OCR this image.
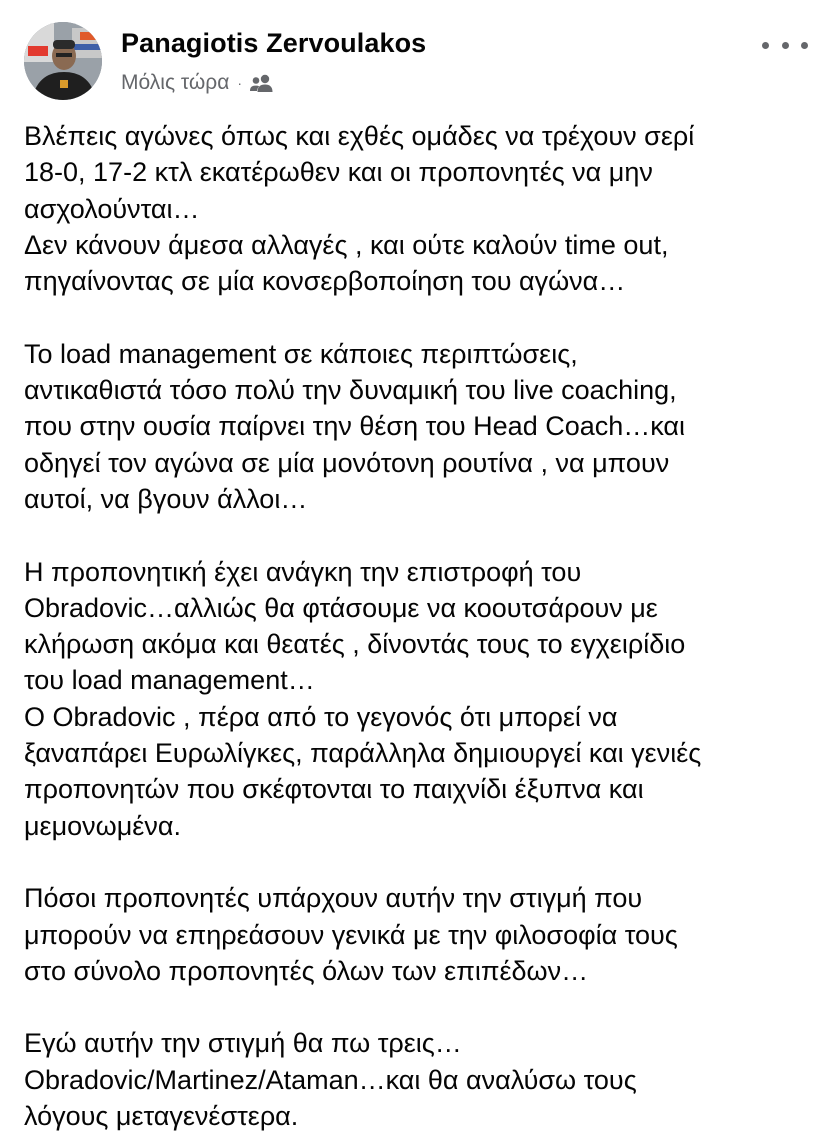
Panagiotis Zervoulakos
Μόλις τώρα ·
Βλέπεις αγώνες όπως και εχθές ομάδες να τρέχουν σερί
18-0, 17-2 κτλ εκατέρωθεν και οι προπονητές να μην
ασχολούνται…
Δεν κάνουν άμεσα αλλαγές , και ούτε καλούν time out,
πηγαίνοντας σε μία κονσερβοποίηση του αγώνα…
Το load management σε κάποιες περιπτώσεις,
αντικαθιστά τόσο πολύ την δυναμική του live coaching,
που στην ουσία παίρνει την θέση του Head Coach…και
οδηγεί τον αγώνα σε μία μονότονη ρουτίνα , να μπουν
αυτοί, να βγουν άλλοι…
Η προπονητική έχει ανάγκη την επιστροφή του
Obradovic…αλλιώς θα φτάσουμε να κοουτσάρουν με
κλήρωση ακόμα και θεατές , δίνοντάς τους το εγχειρίδιο
του load management…
Ο Obradovic , πέρα από το γεγονός ότι μπορεί να
ξαναπάρει Ευρωλίγκες, παράλληλα δημιουργεί και γενιές
προπονητών που σκέφτονται το παιχνίδι έξυπνα και
μεμονωμένα.
Πόσοι προπονητές υπάρχουν αυτήν την στιγμή που
μπορούν να επηρεάσουν γενικά με την φιλοσοφία τους
στο σύνολο προπονητές όλων των επιπέδων…
Εγώ αυτήν την στιγμή θα πω τρεις…
Obradovic/Martinez/Ataman…και θα αναλύσω τους
λόγους μεταγενέστερα.
